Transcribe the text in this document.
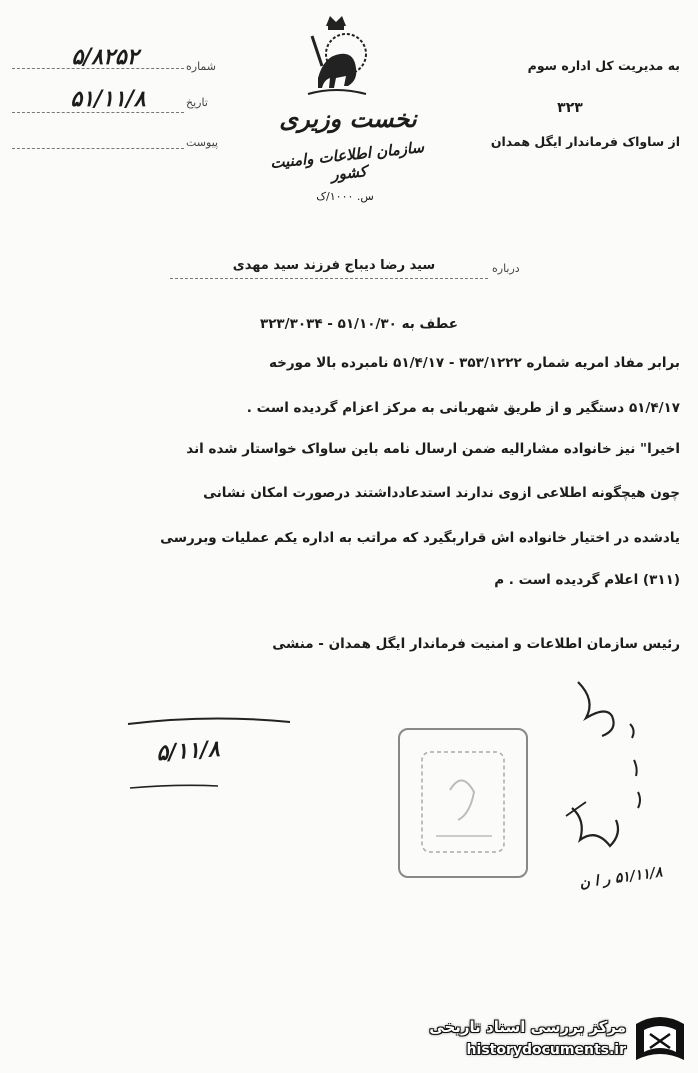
نخست وزیری
سازمان اطلاعات وامنیت کشور
س. ۱۰۰۰/ک
۵/۸۲۵۲	شماره
۵۱/۱۱/۸	تاریخ
پیوست
به مدیریت کل اداره سوم
۳۲۳
از ساواک فرماندار ایگل همدان
سید رضا دیباج فرزند سید مهدی	درباره
عطف به ۵۱/۱۰/۳۰ - ۳۲۳/۳۰۳۴
برابر مفاد امریه شماره ۳۵۳/۱۲۲۲ - ۵۱/۴/۱۷ نامبرده بالا مورخه
۵۱/۴/۱۷ دستگیر و از طریق شهربانی به مرکز اعزام گردیده است .
اخیرا" نیز خانواده مشارالیه ضمن ارسال نامه باین ساواک خواستار شده اند
چون هیچگونه اطلاعی ازوی ندارند استدعادداشتند درصورت امکان نشانی
یادشده در اختیار خانواده اش قراربگیرد که مراتب به اداره یکم عملیات وبررسی
(۳۱۱) اعلام گردیده است . م
رئیس سازمان اطلاعات و امنیت فرماندار ایگل همدان - منشی
۵/۱۱/۸
۵۱/۱۱/۸ ر ا ن
مرکز بررسی اسناد تاریخی
historydocuments.ir
